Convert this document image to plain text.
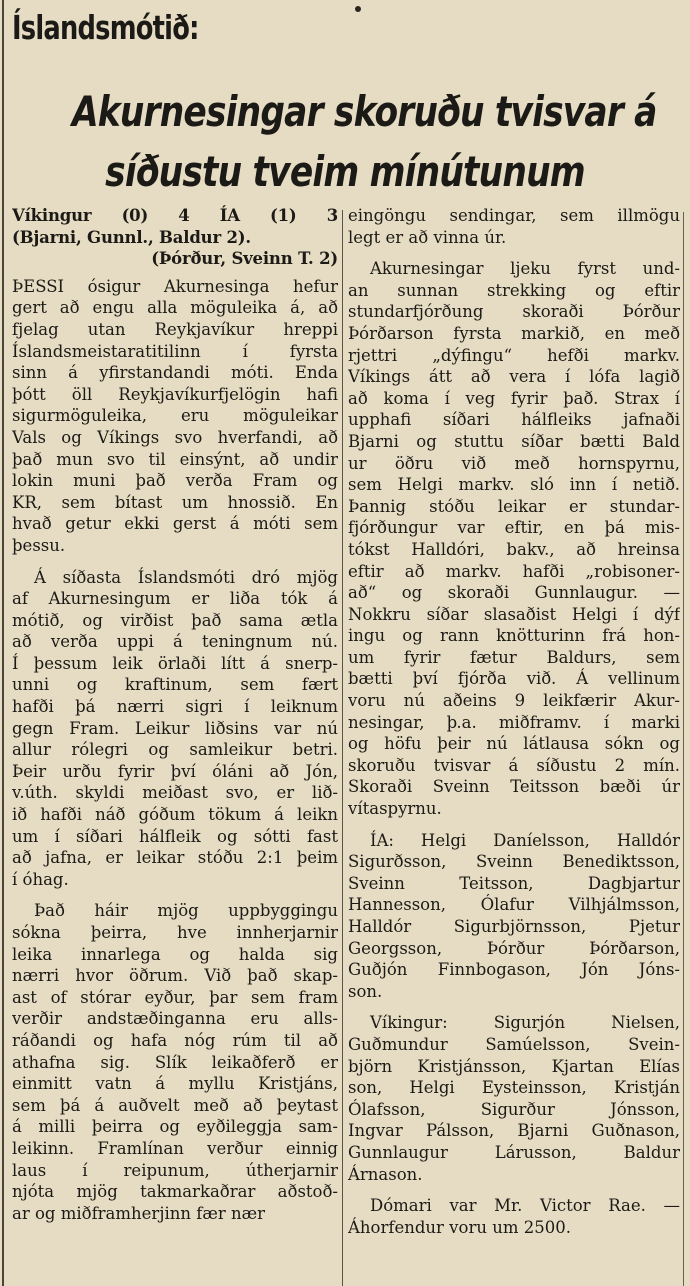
Íslandsmótið:
Akurnesingar skoruðu tvisvar á
síðustu tveim mínútunum
Víkingur (0) 4 ÍA (1) 3
(Bjarni, Gunnl., Baldur 2).
(Þórður, Sveinn T. 2)
ÞESSI ósigur Akurnesinga hefur
gert að engu alla möguleika á, að
fjelag utan Reykjavíkur hreppi
Íslandsmeistaratitilinn í fyrsta
sinn á yfirstandandi móti. Enda
þótt öll Reykjavíkurfjelögin hafi
sigurmöguleika, eru möguleikar
Vals og Víkings svo hverfandi, að
það mun svo til einsýnt, að undir
lokin muni það verða Fram og
KR, sem bítast um hnossið. En
hvað getur ekki gerst á móti sem
þessu.
Á síðasta Íslandsmóti dró mjög
af Akurnesingum er liða tók á
mótið, og virðist það sama ætla
að verða uppi á teningnum nú.
Í þessum leik örlaði lítt á snerp-
unni og kraftinum, sem fært
hafði þá nærri sigri í leiknum
gegn Fram. Leikur liðsins var nú
allur rólegri og samleikur betri.
Þeir urðu fyrir því óláni að Jón,
v.úth. skyldi meiðast svo, er lið-
ið hafði náð góðum tökum á leikn
um í síðari hálfleik og sótti fast
að jafna, er leikar stóðu 2:1 þeim
í óhag.
Það háir mjög uppbyggingu
sókna þeirra, hve innherjarnir
leika innarlega og halda sig
nærri hvor öðrum. Við það skap-
ast of stórar eyður, þar sem fram
verðir andstæðinganna eru alls-
ráðandi og hafa nóg rúm til að
athafna sig. Slík leikaðferð er
einmitt vatn á myllu Kristjáns,
sem þá á auðvelt með að þeytast
á milli þeirra og eyðileggja sam-
leikinn. Framlínan verður einnig
laus í reipunum, útherjarnir
njóta mjög takmarkaðrar aðstoð-
ar og miðframherjinn fær nær
eingöngu sendingar, sem illmögu
legt er að vinna úr.
Akurnesingar ljeku fyrst und-
an sunnan strekking og eftir
stundarfjórðung skoraði Þórður
Þórðarson fyrsta markið, en með
rjettri „dýfingu“ hefði markv.
Víkings átt að vera í lófa lagið
að koma í veg fyrir það. Strax í
upphafi síðari hálfleiks jafnaði
Bjarni og stuttu síðar bætti Bald
ur öðru við með hornspyrnu,
sem Helgi markv. sló inn í netið.
Þannig stóðu leikar er stundar-
fjórðungur var eftir, en þá mis-
tókst Halldóri, bakv., að hreinsa
eftir að markv. hafði „robisoner-
að“ og skoraði Gunnlaugur. —
Nokkru síðar slasaðist Helgi í dýf
ingu og rann knötturinn frá hon-
um fyrir fætur Baldurs, sem
bætti því fjórða við. Á vellinum
voru nú aðeins 9 leikfærir Akur-
nesingar, þ.a. miðframv. í marki
og höfu þeir nú látlausa sókn og
skoruðu tvisvar á síðustu 2 mín.
Skoraði Sveinn Teitsson bæði úr
vítaspyrnu.
ÍA: Helgi Daníelsson, Halldór
Sigurðsson, Sveinn Benediktsson,
Sveinn Teitsson, Dagbjartur
Hannesson, Ólafur Vilhjálmsson,
Halldór Sigurbjörnsson, Pjetur
Georgsson, Þórður Þórðarson,
Guðjón Finnbogason, Jón Jóns-
son.
Víkingur: Sigurjón Nielsen,
Guðmundur Samúelsson, Svein-
björn Kristjánsson, Kjartan Elías
son, Helgi Eysteinsson, Kristján
Ólafsson, Sigurður Jónsson,
Ingvar Pálsson, Bjarni Guðnason,
Gunnlaugur Lárusson, Baldur
Árnason.
Dómari var Mr. Victor Rae. —
Áhorfendur voru um 2500.
